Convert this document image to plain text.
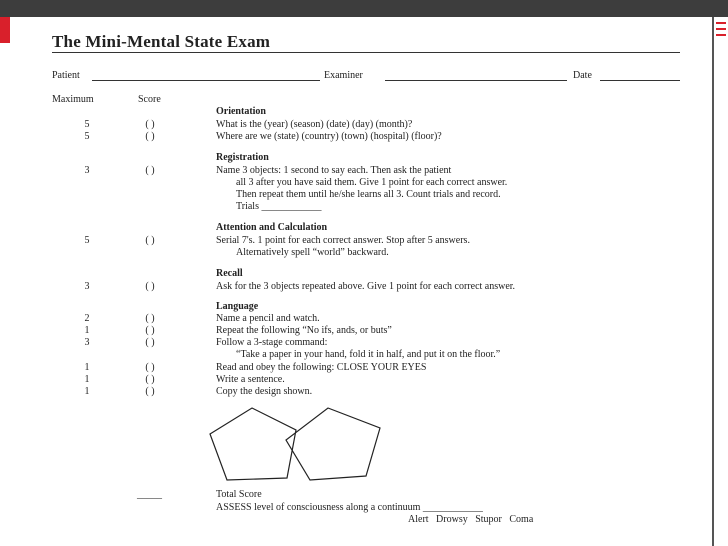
The Mini-Mental State Exam
Patient	Examiner	Date
Maximum	Score
Orientation
5	( )	What is the (year) (season) (date) (day) (month)?
5	( )	Where are we (state) (country) (town) (hospital) (floor)?
Registration
3	( )	Name 3 objects: 1 second to say each. Then ask the patient
all 3 after you have said them. Give 1 point for each correct answer.
Then repeat them until he/she learns all 3. Count trials and record.
Trials ____________
Attention and Calculation
5	( )	Serial 7's. 1 point for each correct answer. Stop after 5 answers.
Alternatively spell “world” backward.
Recall
3	( )	Ask for the 3 objects repeated above. Give 1 point for each correct answer.
Language
2	( )	Name a pencil and watch.
1	( )	Repeat the following “No ifs, ands, or buts”
3	( )	Follow a 3-stage command:
“Take a paper in your hand, fold it in half, and put it on the floor.”
1	( )	Read and obey the following: CLOSE YOUR EYES
1	( )	Write a sentence.
1	( )	Copy the design shown.
_____	Total Score
ASSESS level of consciousness along a continuum ____________
Alert   Drowsy   Stupor   Coma
